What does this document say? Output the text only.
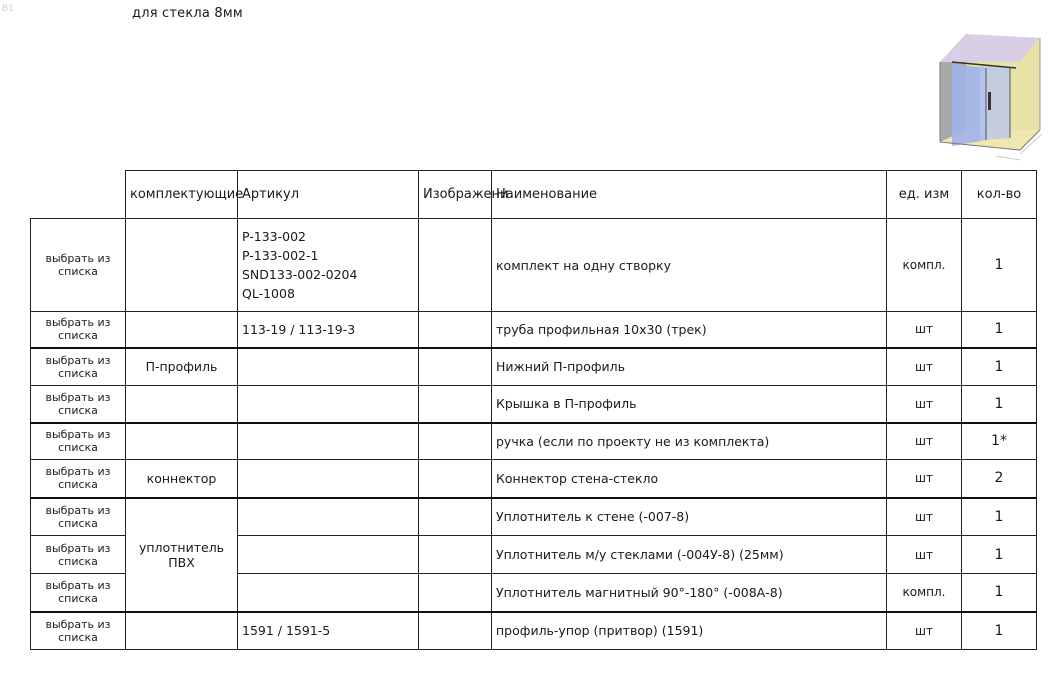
B1	для стекла 8мм
	комплектующие	Артикул	Изображени	Наименование	ед. изм	кол-во
выбрать из списка		P-133-002
P-133-002-1
SND133-002-0204
QL-1008		комплект на одну створку	компл.	1
выбрать из списка		113-19 / 113-19-3		труба профильная 10х30 (трек)	шт	1
выбрать из списка	П-профиль			Нижний П-профиль	шт	1
выбрать из списка				Крышка в П-профиль	шт	1
выбрать из списка				ручка (если по проекту не из комплекта)	шт	1*
выбрать из списка	коннектор			Коннектор стена-стекло	шт	2
выбрать из списка	уплотнитель ПВХ			Уплотнитель к стене (-007-8)	шт	1
выбрать из списка				Уплотнитель м/у стеклами (-004У-8) (25мм)	шт	1
выбрать из списка				Уплотнитель магнитный 90°-180° (-008А-8)	компл.	1
выбрать из списка		1591 / 1591-5		профиль-упор (притвор) (1591)	шт	1
